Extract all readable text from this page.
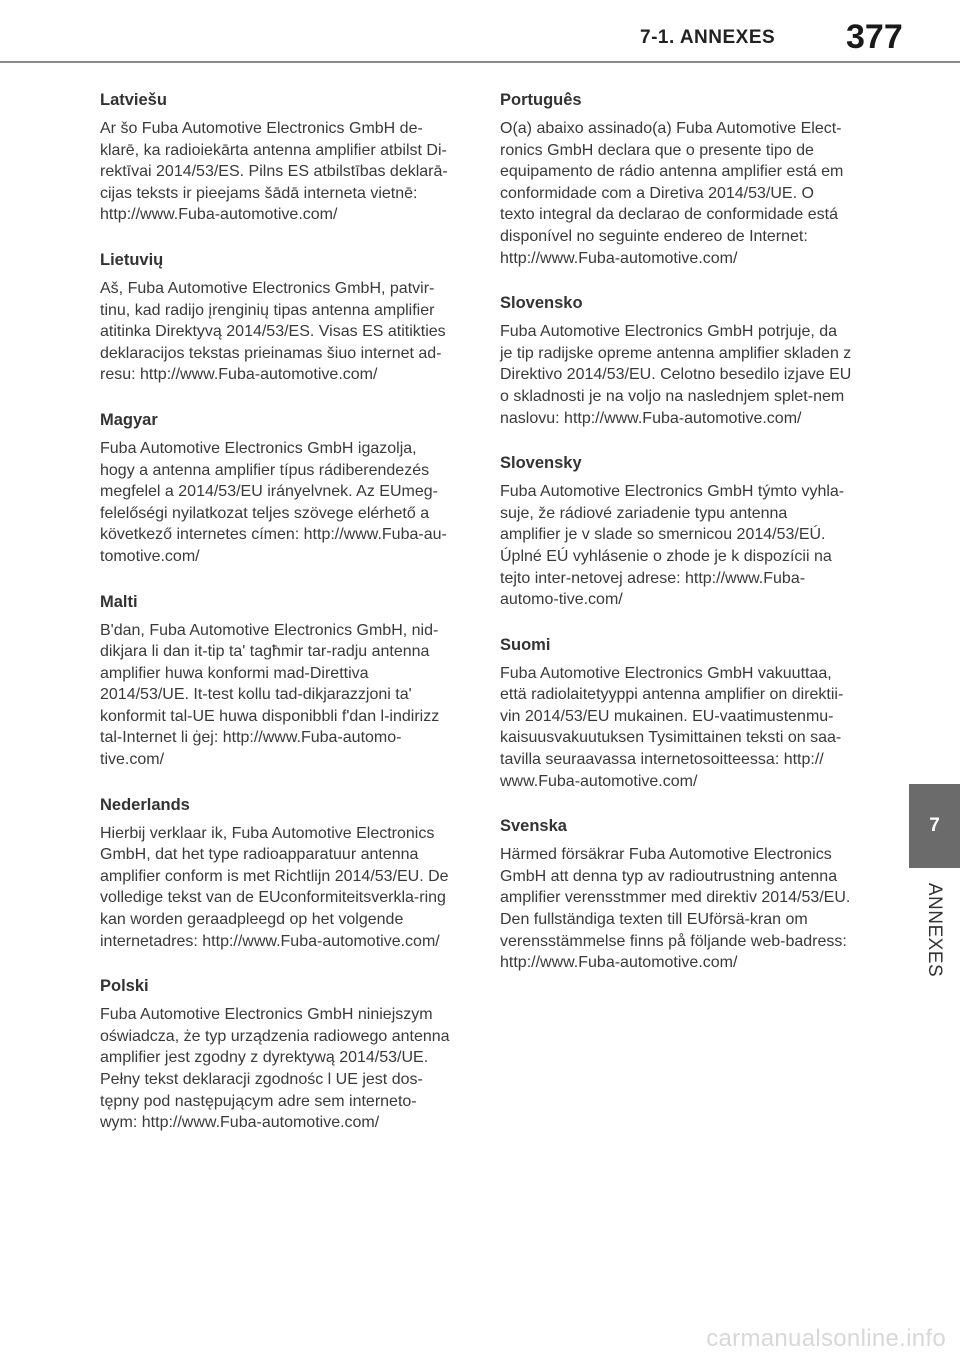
7-1. ANNEXES 377
Latviešu

Ar šo Fuba Automotive Electronics GmbH de-klarē, ka radioiekārta antenna amplifier atbilst Di-rektīvai 2014/53/ES. Pilns ES atbilstības deklarā-cijas teksts ir pieejams šādā interneta vietnē: http://www.Fuba-automotive.com/

Lietuvių

Aš, Fuba Automotive Electronics GmbH, patvir-tinu, kad radijo įrenginių tipas antenna amplifier atitinka Direktyvą 2014/53/ES. Visas ES atitikties deklaracijos tekstas prieinamas šiuo internet ad-resu: http://www.Fuba-automotive.com/

Magyar

Fuba Automotive Electronics GmbH igazolja, hogy a antenna amplifier típus rádiberendezés megfelel a 2014/53/EU irányelvnek. Az EUmeg-felelőségi nyilatkozat teljes szövege elérhető a következő internetes címen: http://www.Fuba-au-tomotive.com/

Malti

B'dan, Fuba Automotive Electronics GmbH, nid-dikjara li dan it-tip ta' tagħmir tar-radju antenna amplifier huwa konformi mad-Direttiva 2014/53/UE. It-test kollu tad-dikjarazzjoni ta' konformit tal-UE huwa disponibbli f'dan l-indirizz tal-Internet li ġej: http://www.Fuba-automo-tive.com/

Nederlands

Hierbij verklaar ik, Fuba Automotive Electronics GmbH, dat het type radioapparatuur antenna amplifier conform is met Richtlijn 2014/53/EU. De volledige tekst van de EUconformiteitsverkla-ring kan worden geraadpleegd op het volgende internetadres: http://www.Fuba-automotive.com/

Polski

Fuba Automotive Electronics GmbH niniejszym oświadcza, że typ urządzenia radiowego antenna amplifier jest zgodny z dyrektywą 2014/53/UE. Pełny tekst deklaracji zgodnośc l UE jest dos-tępny pod następującym adre sem interneto-wym: http://www.Fuba-automotive.com/

Português

O(a) abaixo assinado(a) Fuba Automotive Elect-ronics GmbH declara que o presente tipo de equipamento de rádio antenna amplifier está em conformidade com a Diretiva 2014/53/UE. O texto integral da declarao de conformidade está disponível no seguinte endereo de Internet: http://www.Fuba-automotive.com/

Slovensko

Fuba Automotive Electronics GmbH potrjuje, da je tip radijske opreme antenna amplifier skladen z Direktivo 2014/53/EU. Celotno besedilo izjave EU o skladnosti je na voljo na naslednjem splet-nem naslovu: http://www.Fuba-automotive.com/

Slovensky

Fuba Automotive Electronics GmbH týmto vyhla-suje, že rádiové zariadenie typu antenna amplifier je v slade so smernicou 2014/53/EÚ. Úplné EÚ vyhlásenie o zhode je k dispozícii na tejto inter-netovej adrese: http://www.Fuba-automo-tive.com/

Suomi

Fuba Automotive Electronics GmbH vakuuttaa, että radiolaitetyyppi antenna amplifier on direktii-vin 2014/53/EU mukainen. EU-vaatimustenmu-kaisuusvakuutuksen Tysimittainen teksti on saa-tavilla seuraavassa internetosoitteessa: http:// www.Fuba-automotive.com/

Svenska

Härmed försäkrar Fuba Automotive Electronics GmbH att denna typ av radioutrustning antenna amplifier verensstmmer med direktiv 2014/53/EU. Den fullständiga texten till EUförsä-kran om verensstämmelse finns på följande web-badress: http://www.Fuba-automotive.com/

7
ANNEXES
carmanualsonline.info
